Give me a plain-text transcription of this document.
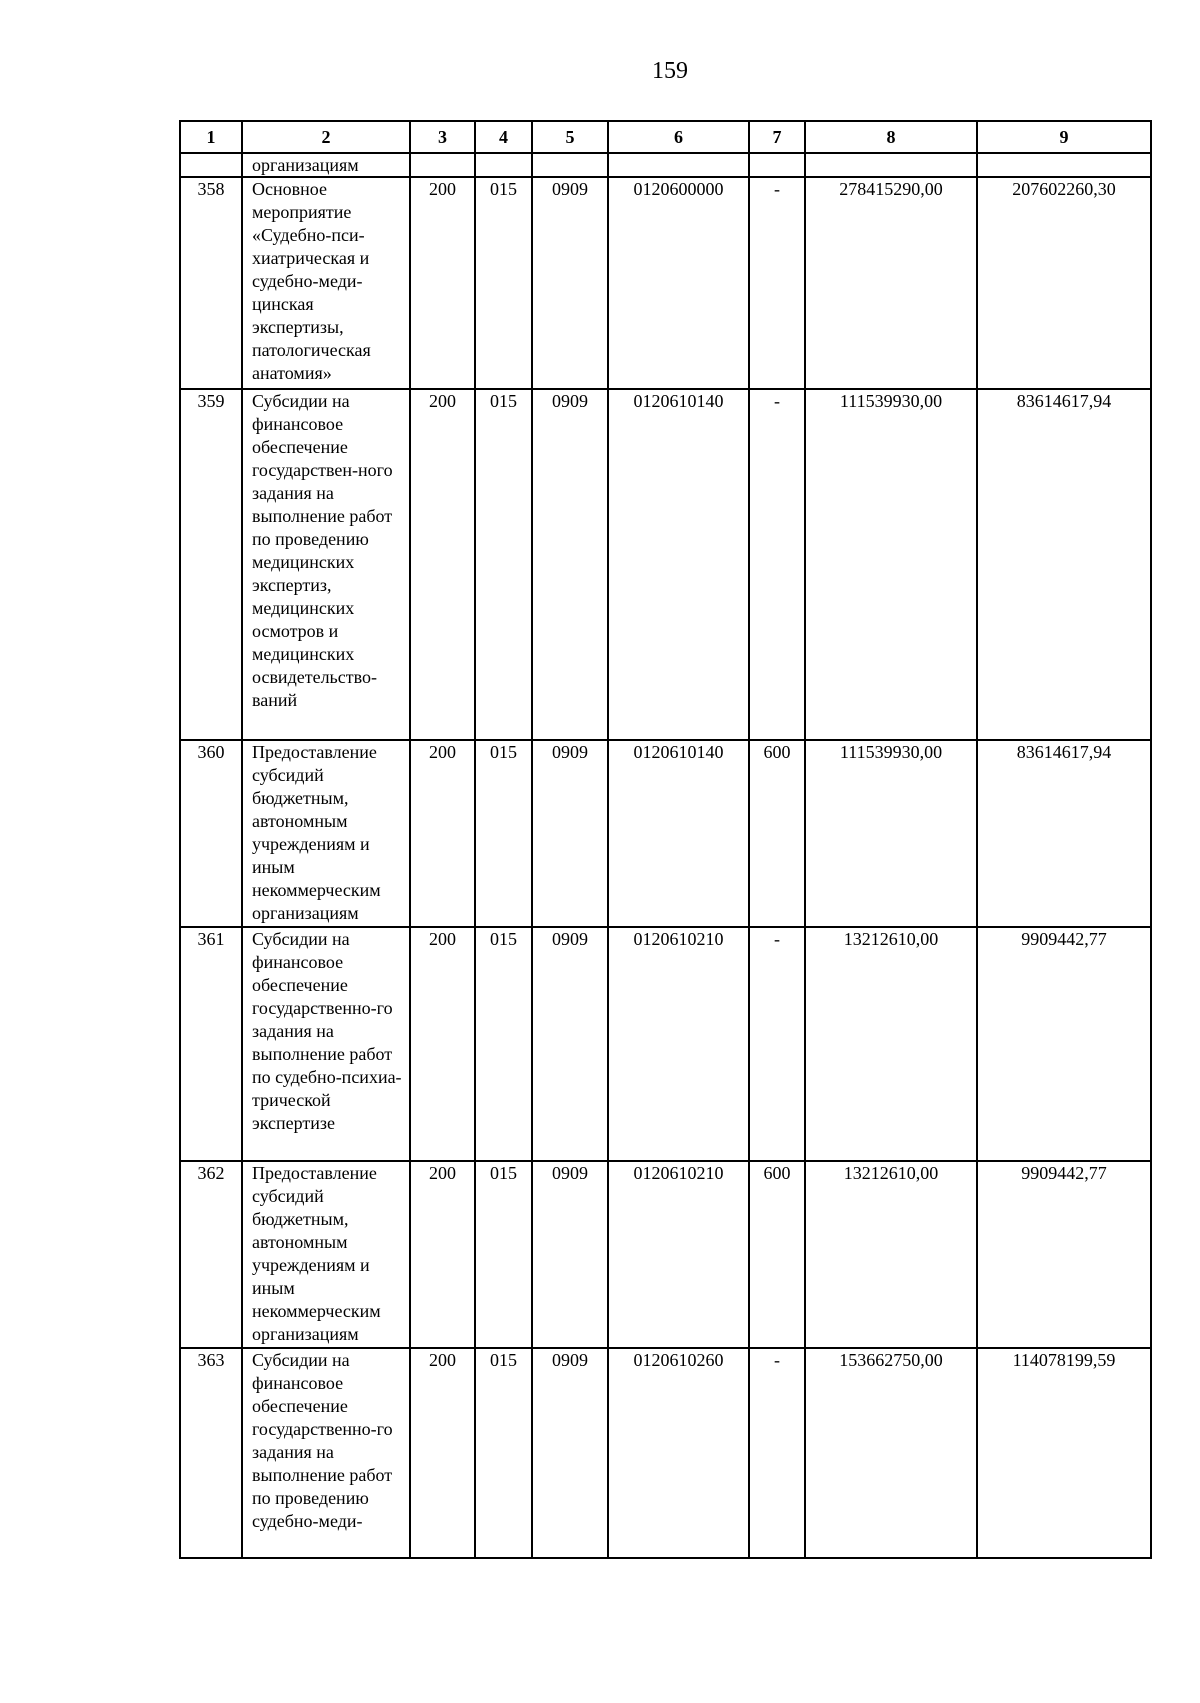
159
1	2	3	4	5	6	7	8	9
	организациям							
358	Основное мероприятие «Судебно-пси-хиатрическая и судебно-меди-цинская экспертизы, патологическая анатомия»	200	015	0909	0120600000	-	278415290,00	207602260,30
359	Субсидии на финансовое обеспечение государствен-ного задания на выполнение работ по проведению медицинских экспертиз, медицинских осмотров и медицинских освидетельство-ваний	200	015	0909	0120610140	-	111539930,00	83614617,94
360	Предоставление субсидий бюджетным, автономным учреждениям и иным некоммерческим организациям	200	015	0909	0120610140	600	111539930,00	83614617,94
361	Субсидии на финансовое обеспечение государственно-го задания на выполнение работ по судебно-психиа-трической экспертизе	200	015	0909	0120610210	-	13212610,00	9909442,77
362	Предоставление субсидий бюджетным, автономным учреждениям и иным некоммерческим организациям	200	015	0909	0120610210	600	13212610,00	9909442,77
363	Субсидии на финансовое обеспечение государственно-го задания на выполнение работ по проведению судебно-меди-	200	015	0909	0120610260	-	153662750,00	114078199,59
